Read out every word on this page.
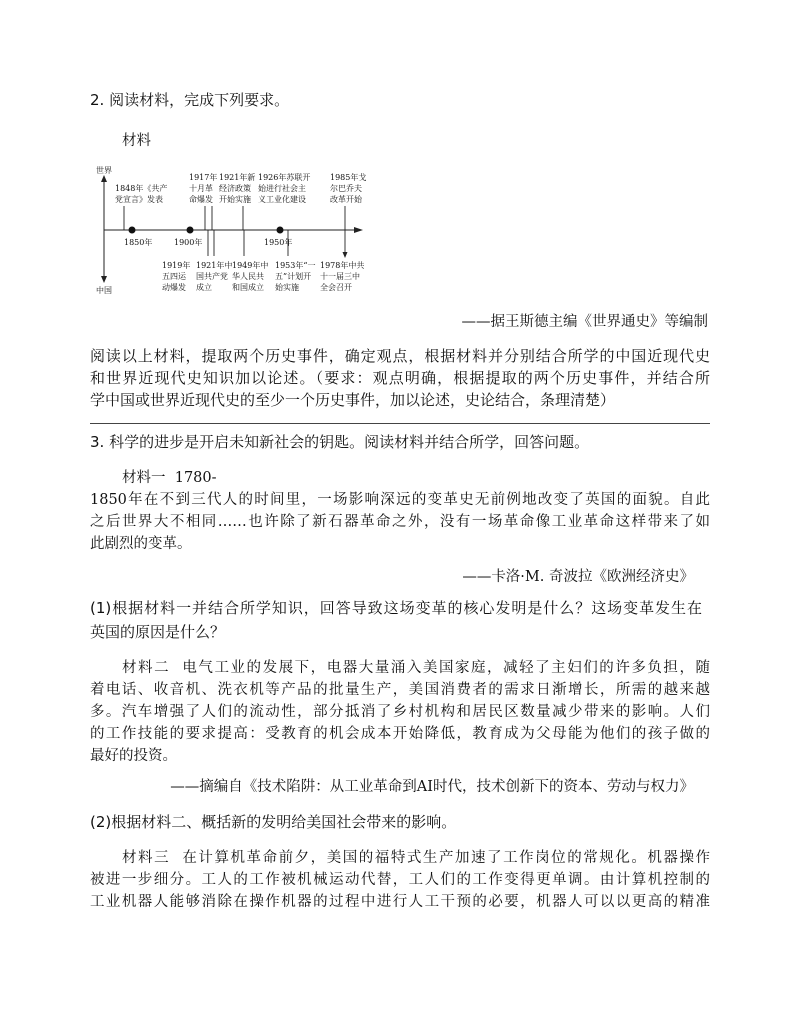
2. 阅读材料，完成下列要求。
材料
世界
中国
1850年	1900年	1950年
1848年《共产
党宣言》发表
1917年
十月革
命爆发
1921年新
经济政策
开始实施
1926年苏联开
始进行社会主
义工业化建设
1985年戈
尔巴乔夫
改革开始
1919年
五四运
动爆发
1921年中
国共产党
成立
1949年中
华人民共
和国成立
1953年“一
五”计划开
始实施
1978年中共
十一届三中
全会召开
——据王斯德主编《世界通史》等编制
阅读以上材料，提取两个历史事件，确定观点，根据材料并分别结合所学的中国近现代史
和世界近现代史知识加以论述。（要求：观点明确，根据提取的两个历史事件，并结合所
学中国或世界近现代史的至少一个历史事件，加以论述，史论结合，条理清楚）
3. 科学的进步是开启未知新社会的钥匙。阅读材料并结合所学，回答问题。
材料一  1780-
1850年在不到三代人的时间里，一场影响深远的变革史无前例地改变了英国的面貌。自此
之后世界大不相同……也许除了新石器革命之外，没有一场革命像工业革命这样带来了如
此剧烈的变革。
——卡洛·M. 奇波拉《欧洲经济史》
(1)根据材料一并结合所学知识，回答导致这场变革的核心发明是什么？这场变革发生在
英国的原因是什么？
材料二  电气工业的发展下，电器大量涌入美国家庭，减轻了主妇们的许多负担，随
着电话、收音机、洗衣机等产品的批量生产，美国消费者的需求日渐增长，所需的越来越
多。汽车增强了人们的流动性，部分抵消了乡村机构和居民区数量减少带来的影响。人们
的工作技能的要求提高：受教育的机会成本开始降低，教育成为父母能为他们的孩子做的
最好的投资。
——摘编自《技术陷阱：从工业革命到AI时代，技术创新下的资本、劳动与权力》
(2)根据材料二、概括新的发明给美国社会带来的影响。
材料三  在计算机革命前夕，美国的福特式生产加速了工作岗位的常规化。机器操作
被进一步细分。工人的工作被机械运动代替，工人们的工作变得更单调。由计算机控制的
工业机器人能够消除在操作机器的过程中进行人工干预的必要，机器人可以以更高的精准
